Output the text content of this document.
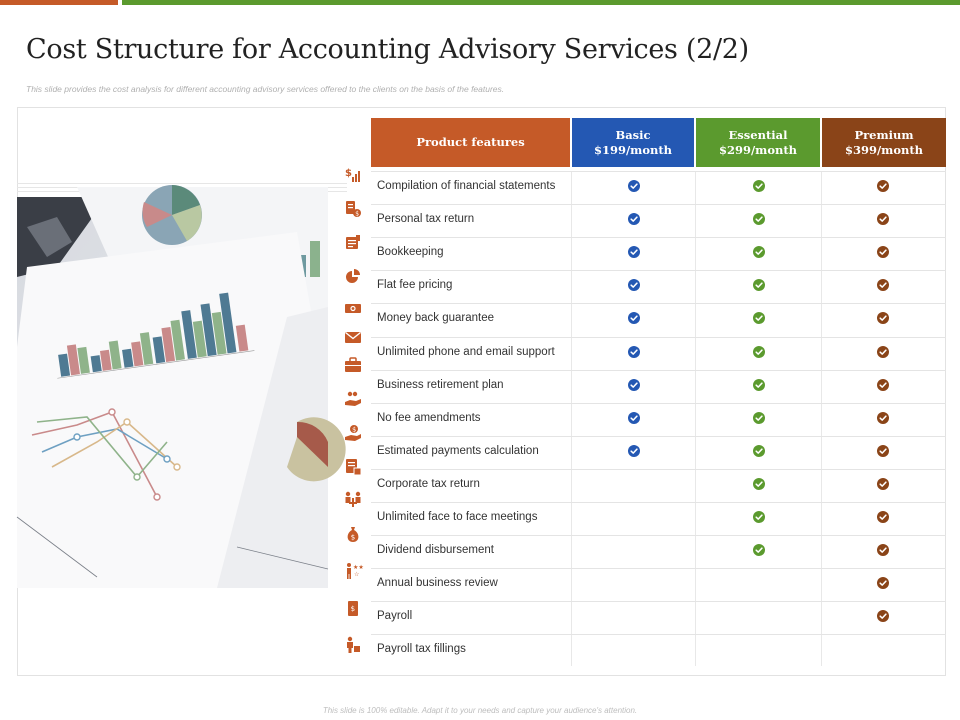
Cost Structure for Accounting Advisory Services (2/2)
This slide provides the cost analysis for different accounting advisory services offered to the clients on the basis of the features.
$
$
$
$
★★
☆
$
Product features
Basic
$199/month
Essential
$299/month
Premium
$399/month
Compilation of financial statements
Personal tax return
Bookkeeping
Flat fee pricing
Money back guarantee
Unlimited phone and email support
Business retirement plan
No fee amendments
Estimated payments calculation
Corporate tax return
Unlimited face to face meetings
Dividend disbursement
Annual business review
Payroll
Payroll tax fillings
This slide is 100% editable. Adapt it to your needs and capture your audience's attention.
